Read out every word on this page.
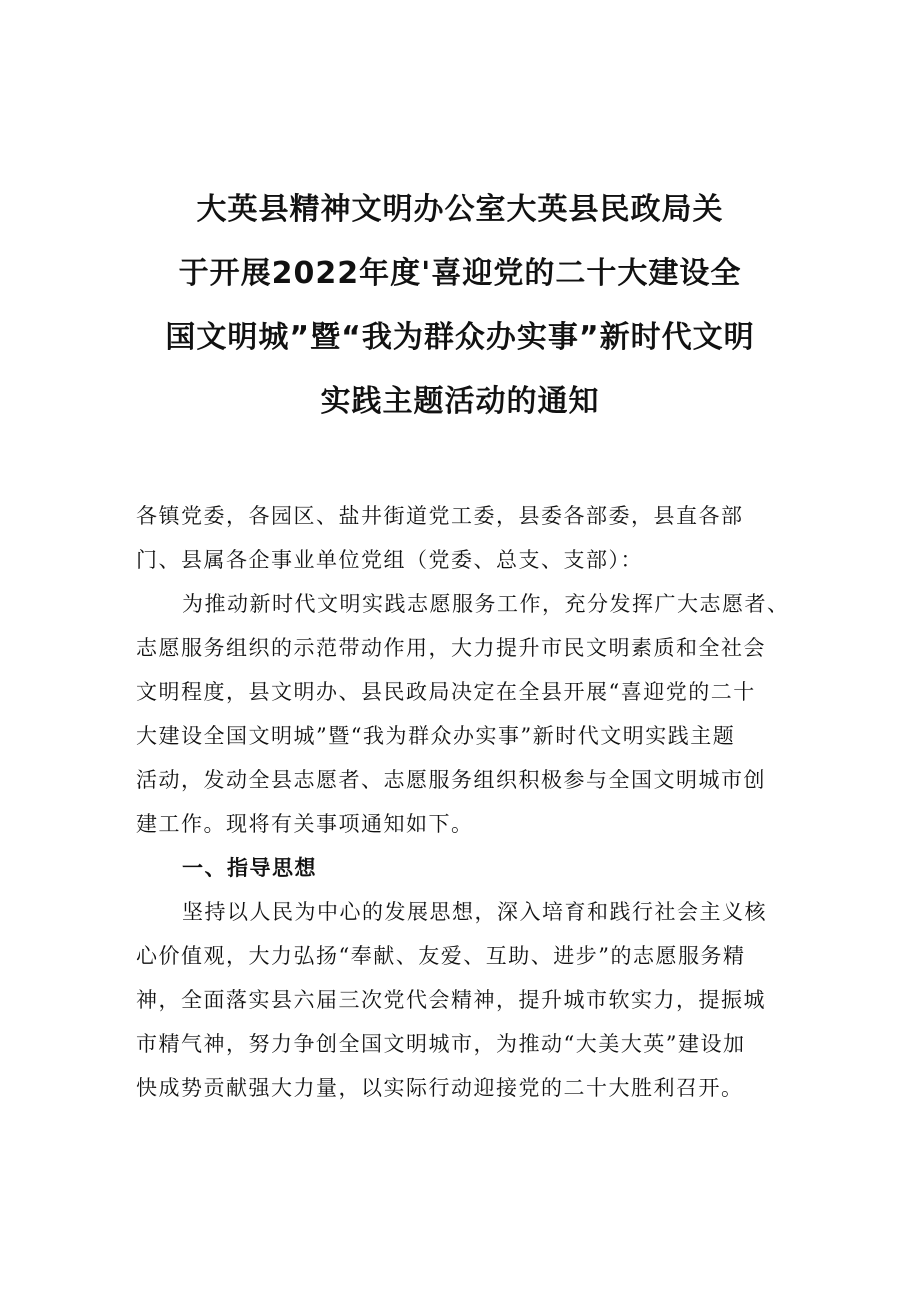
大英县精神文明办公室大英县民政局关
于开展2022年度'喜迎党的二十大建设全
国文明城”暨“我为群众办实事”新时代文明
实践主题活动的通知
各镇党委，各园区、盐井街道党工委，县委各部委，县直各部
门、县属各企事业单位党组（党委、总支、支部）：
为推动新时代文明实践志愿服务工作，充分发挥广大志愿者、
志愿服务组织的示范带动作用，大力提升市民文明素质和全社会
文明程度，县文明办、县民政局决定在全县开展“喜迎党的二十
大建设全国文明城”暨“我为群众办实事”新时代文明实践主题
活动，发动全县志愿者、志愿服务组织积极参与全国文明城市创
建工作。现将有关事项通知如下。
一、指导思想
坚持以人民为中心的发展思想，深入培育和践行社会主义核
心价值观，大力弘扬“奉献、友爱、互助、进步”的志愿服务精
神，全面落实县六届三次党代会精神，提升城市软实力，提振城
市精气神，努力争创全国文明城市，为推动“大美大英”建设加
快成势贡献强大力量，以实际行动迎接党的二十大胜利召开。
